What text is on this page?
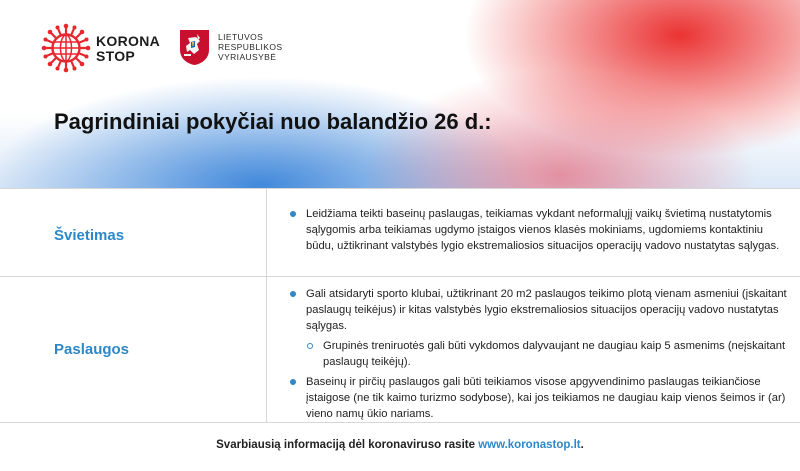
KORONA
STOP
LIETUVOS
RESPUBLIKOS
VYRIAUSYBĖ
Pagrindiniai pokyčiai nuo balandžio 26 d.:
Švietimas
Leidžiama teikti baseinų paslaugas, teikiamas vykdant neformalųjį vaikų švietimą nustatytomis sąlygomis arba teikiamas ugdymo įstaigos vienos klasės mokiniams, ugdomiems kontaktiniu būdu, užtikrinant valstybės lygio ekstremaliosios situacijos operacijų vadovo nustatytas sąlygas.
Paslaugos
Gali atsidaryti sporto klubai, užtikrinant 20 m2 paslaugos teikimo plotą vienam asmeniui (įskaitant paslaugų teikėjus) ir kitas valstybės lygio ekstremaliosios situacijos operacijų vadovo nustatytas sąlygas.
Grupinės treniruotės gali būti vykdomos dalyvaujant ne daugiau kaip 5 asmenims (neįskaitant paslaugų teikėjų).
Baseinų ir pirčių paslaugos gali būti teikiamos visose apgyvendinimo paslaugas teikiančiose įstaigose (ne tik kaimo turizmo sodybose), kai jos teikiamos ne daugiau kaip vienos šeimos ir (ar) vieno namų ūkio nariams.
Svarbiausią informaciją dėl koronaviruso rasite www.koronastop.lt.
